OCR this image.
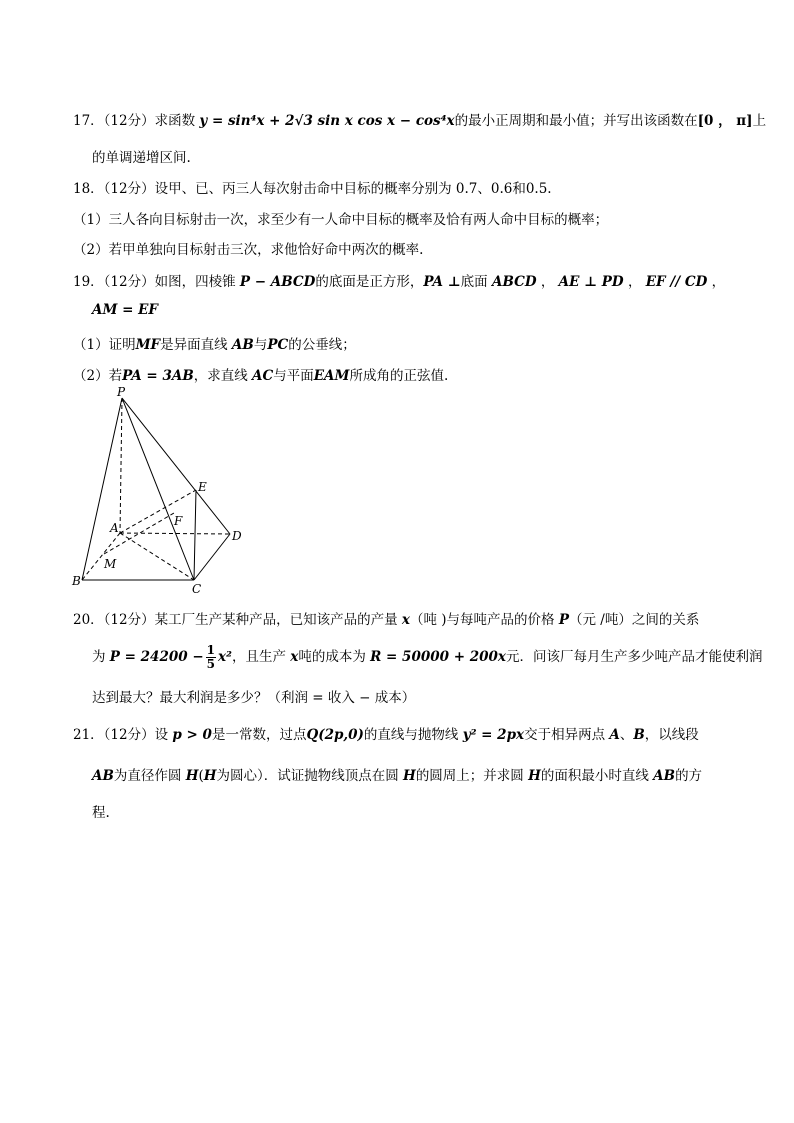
17．（12分）求函数 y = sin⁴x + 2√3 sin x cos x − cos⁴x的最小正周期和最小值；并写出该函数在[0 ， π]上
的单调递增区间.
18．（12分）设甲、已、丙三人每次射击命中目标的概率分别为 0.7、0.6和0.5.
（1）三人各向目标射击一次，求至少有一人命中目标的概率及恰有两人命中目标的概率；
（2）若甲单独向目标射击三次，求他恰好命中两次的概率.
19．（12分）如图，四棱锥 P − ABCD的底面是正方形，PA ⊥底面 ABCD ， AE ⊥ PD ， EF // CD ，
AM = EF
（1）证明MF是异面直线 AB与PC的公垂线；
（2）若PA = 3AB，求直线 AC与平面EAM所成角的正弦值.
P
E
A	F
D
M
B
C
20．（12分）某工厂生产某种产品，已知该产品的产量 x（吨 )与每吨产品的价格 P（元 /吨）之间的关系
为 $P = 24200 - \frac{1}{5} x^2$，且生产 x吨的成本为 R = 50000 + 200x元．问该厂每月生产多少吨产品才能使利润
达到最大？最大利润是多少？（利润 = 收入 − 成本）
21．（12分）设 p > 0是一常数，过点Q(2p,0)的直线与抛物线 y² = 2px交于相异两点 A、B，以线段
AB为直径作圆 H(H为圆心）．试证抛物线顶点在圆 H的圆周上；并求圆 H的面积最小时直线 AB的方
程.
